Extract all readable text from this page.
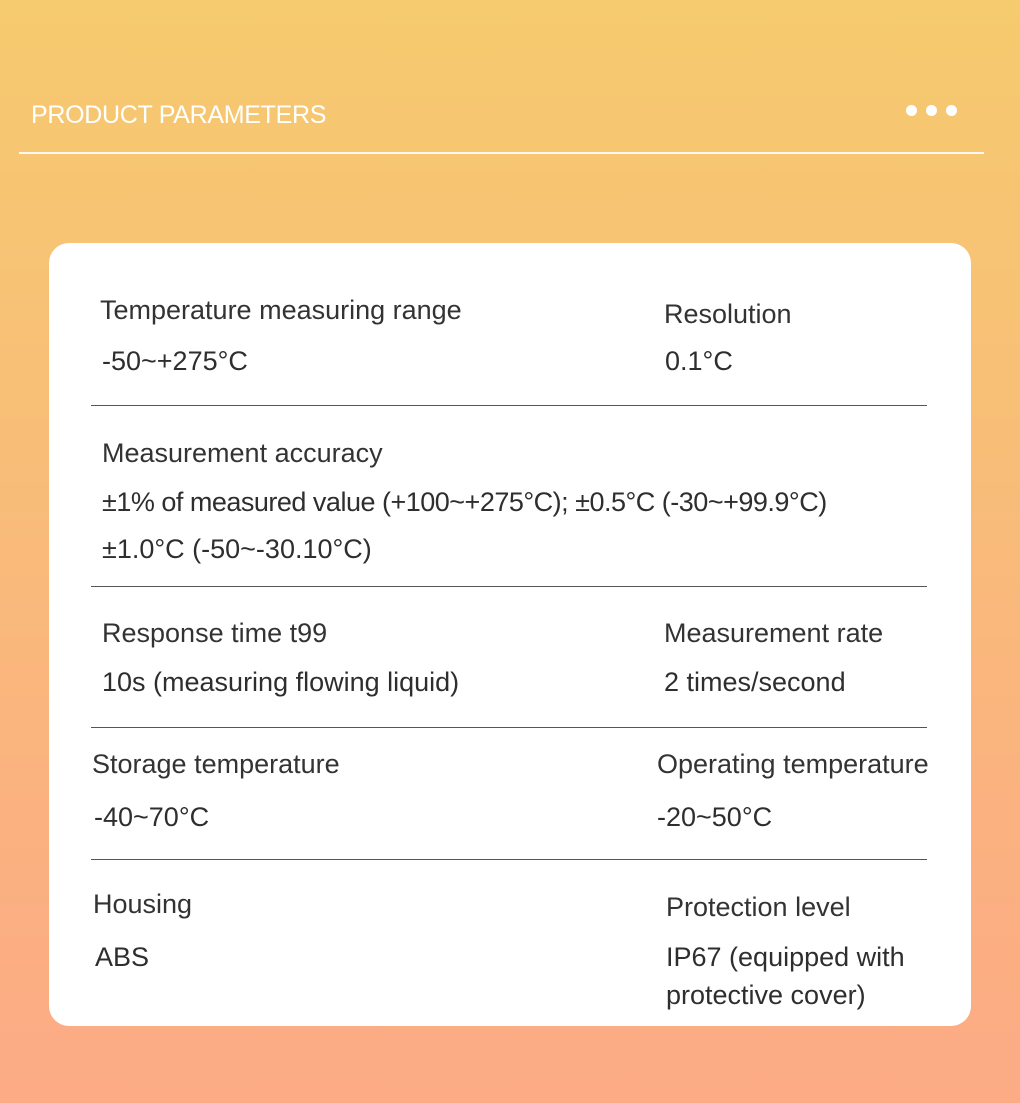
PRODUCT PARAMETERS
Temperature measuring range
-50~+275°C
Resolution
0.1°C
Measurement accuracy
±1% of measured value (+100~+275°C); ±0.5°C (-30~+99.9°C)
±1.0°C (-50~-30.10°C)
Response time t99
10s (measuring flowing liquid)
Measurement rate
2 times/second
Storage temperature
-40~70°C
Operating temperature
-20~50°C
Housing
ABS
Protection level
IP67 (equipped with
protective cover)
